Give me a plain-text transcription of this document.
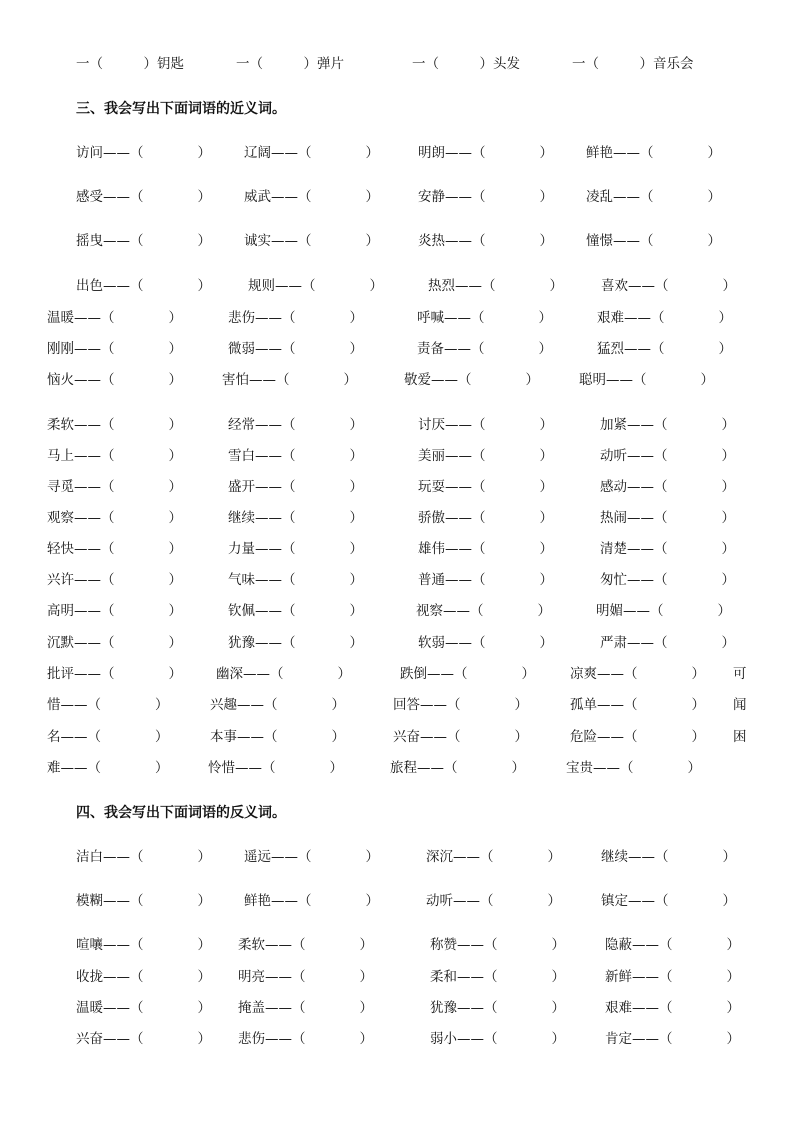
一（　　　）钥匙	一（　　　）弹片	一（　　　）头发	一（　　　）音乐会
三、我会写出下面词语的近义词。
访问——（　　　　） 辽阔——（　　　　）	明朗——（　　　　） 鲜艳——（　　　　）
感受——（　　　　） 威武——（　　　　）	安静——（　　　　） 凌乱——（　　　　）
摇曳——（　　　　） 诚实——（　　　　）	炎热——（　　　　） 憧憬——（　　　　）
出色——（　　　　）	规则——（　　　　）	热烈——（　　　　）	喜欢——（　　　　）
温暖——（　　　　）	悲伤——（　　　　）	呼喊——（　　　　）	艰难——（　　　　）
刚刚——（　　　　）	微弱——（　　　　）	责备——（　　　　）	猛烈——（　　　　）
恼火——（　　　　）	害怕——（　　　　）	敬爱——（　　　　）	聪明——（　　　　）
柔软——（　　　　）	经常——（　　　　）	讨厌——（　　　　）	加紧——（　　　　）
马上——（　　　　）	雪白——（　　　　）	美丽——（　　　　）	动听——（　　　　）
寻觅——（　　　　）	盛开——（　　　　）	玩耍——（　　　　）	感动——（　　　　）
观察——（　　　　）	继续——（　　　　）	骄傲——（　　　　）	热闹——（　　　　）
轻快——（　　　　）	力量——（　　　　）	雄伟——（　　　　）	清楚——（　　　　）
兴许——（　　　　）	气味——（　　　　）	普通——（　　　　）	匆忙——（　　　　）
高明——（　　　　）	钦佩——（　　　　）	视察——（　　　　）	明媚——（　　　　）
沉默——（　　　　）	犹豫——（　　　　）	软弱——（　　　　）	严肃——（　　　　）
批评——（　　　　）	幽深——（　　　　）	跌倒——（　　　　）	凉爽——（　　　　） 可
惜——（　　　　）	兴趣——（　　　　）	回答——（　　　　）	孤单——（　　　　） 闻
名——（　　　　）	本事——（　　　　）	兴奋——（　　　　）	危险——（　　　　） 困
难——（　　　　）	怜惜——（　　　　）	旅程——（　　　　）	宝贵——（　　　　）
四、我会写出下面词语的反义词。
洁白——（　　　　） 遥远——（　　　　）	深沉——（　　　　）	继续——（　　　　）
模糊——（　　　　） 鲜艳——（　　　　）	动听——（　　　　）	镇定——（　　　　）
喧嚷——（　　　　） 柔软——（　　　　）	称赞——（　　　　）	隐蔽——（　　　　）
收拢——（　　　　） 明亮——（　　　　）	柔和——（　　　　）	新鲜——（　　　　）
温暖——（　　　　） 掩盖——（　　　　）	犹豫——（　　　　）	艰难——（　　　　）
兴奋——（　　　　） 悲伤——（　　　　）	弱小——（　　　　）	肯定——（　　　　）
